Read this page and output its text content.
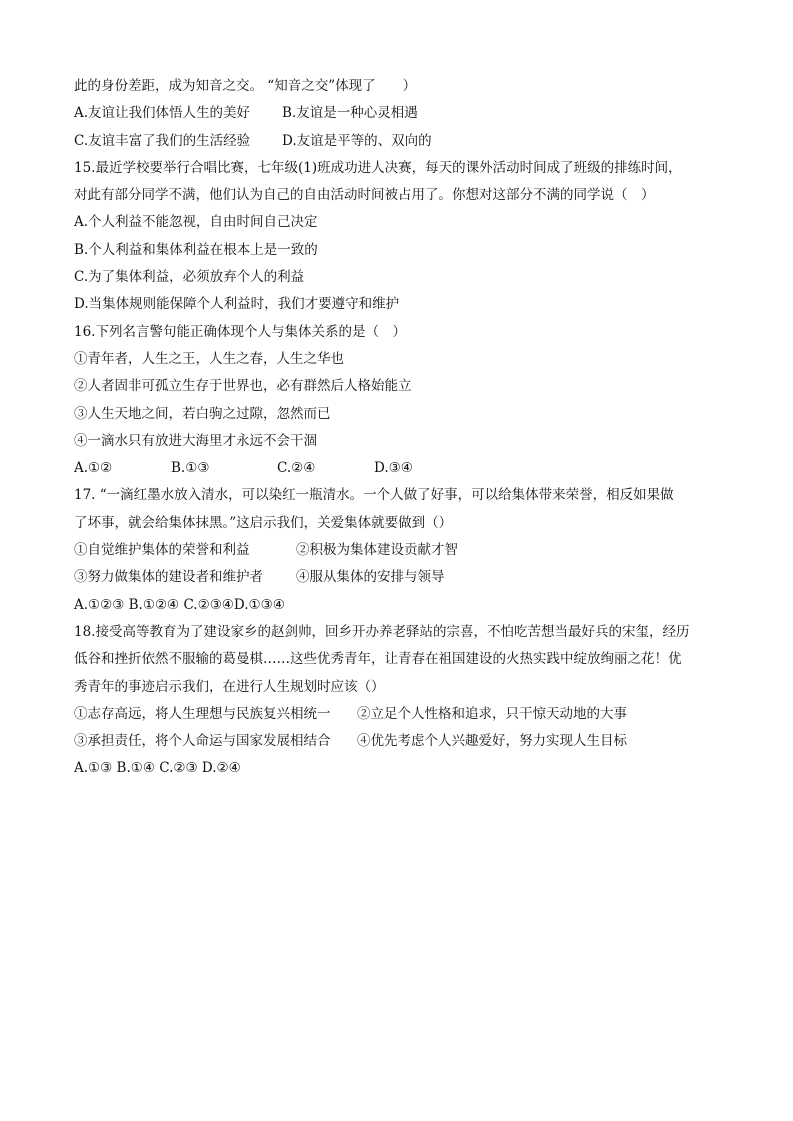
此的身份差距，成为知音之交。 “知音之交”体现了　　）
A.友谊让我们体悟人生的美好	B.友谊是一种心灵相遇
C.友谊丰富了我们的生活经验	D.友谊是平等的、双向的
15.最近学校要举行合唱比赛，七年级(1)班成功进人决赛，每天的课外活动时间成了班级的排练时间，
对此有部分同学不满，他们认为自己的自由活动时间被占用了。你想对这部分不满的同学说（　）
A.个人利益不能忽视，自由时间自己决定
B.个人利益和集体利益在根本上是一致的
C.为了集体利益，必须放弃个人的利益
D.当集体规则能保障个人利益时，我们才要遵守和维护
16.下列名言警句能正确体现个人与集体关系的是（　）
①青年者，人生之王，人生之春，人生之华也
②人者固非可孤立生存于世界也，必有群然后人格始能立
③人生天地之间，若白驹之过隙，忽然而已
④一滴水只有放进大海里才永远不会干涸
A.①②	B.①③	C.②④	D.③④
17. “一滴红墨水放入清水，可以染红一瓶清水。一个人做了好事，可以给集体带来荣誉，相反如果做
了坏事，就会给集体抹黑。”这启示我们，关爱集体就要做到（）
①自觉维护集体的荣誉和利益	②积极为集体建设贡献才智
③努力做集体的建设者和维护者	④服从集体的安排与领导
A.①②③ B.①②④ C.②③④D.①③④
18.接受高等教育为了建设家乡的赵剑帅，回乡开办养老驿站的宗喜，不怕吃苦想当最好兵的宋玺，经历
低谷和挫折依然不服输的葛曼棋……这些优秀青年，让青春在祖国建设的火热实践中绽放绚丽之花！优
秀青年的事迹启示我们，在进行人生规划时应该（）
①志存高远，将人生理想与民族复兴相统一	②立足个人性格和追求，只干惊天动地的大事
③承担责任，将个人命运与国家发展相结合	④优先考虑个人兴趣爱好，努力实现人生目标
A.①③ B.①④ C.②③ D.②④
